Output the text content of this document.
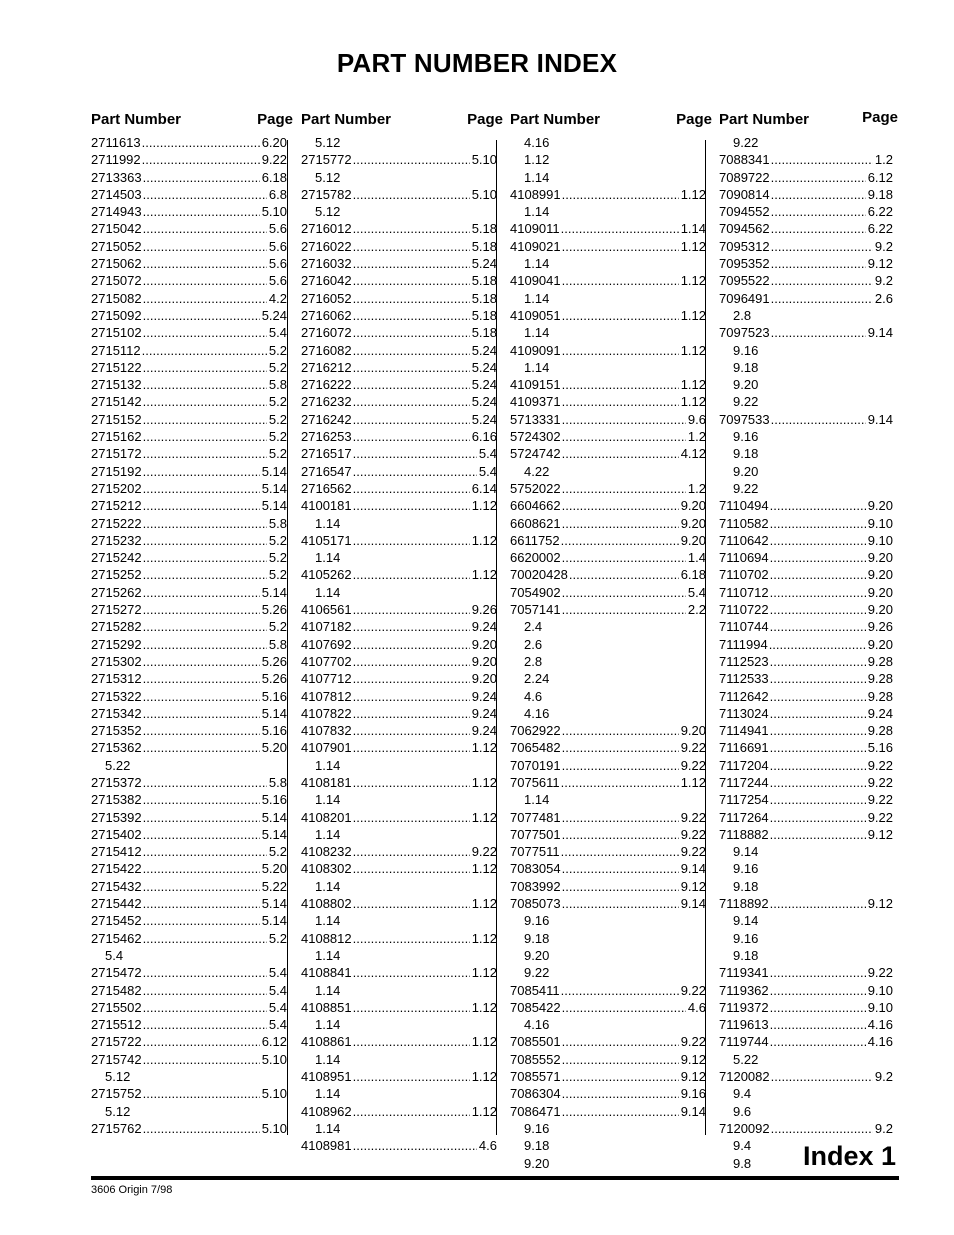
PART NUMBER INDEX
Part Number	Page
2711613 .....	6.20
2711992 .....	9.22
2713363 .....	6.18
2714503 .....	6.8
2714943 .....	5.10
2715042 .....	5.6
2715052 .....	5.6
2715062 .....	5.6
2715072 .....	5.6
2715082 .....	4.2
2715092 .....	5.24
2715102 .....	5.4
2715112 .....	5.2
2715122 .....	5.2
2715132 .....	5.8
2715142 .....	5.2
2715152 .....	5.2
2715162 .....	5.2
2715172 .....	5.2
2715192 .....	5.14
2715202 .....	5.14
2715212 .....	5.14
2715222 .....	5.8
2715232 .....	5.2
2715242 .....	5.2
2715252 .....	5.2
2715262 .....	5.14
2715272 .....	5.26
2715282 .....	5.2
2715292 .....	5.8
2715302 .....	5.26
2715312 .....	5.26
2715322 .....	5.16
2715342 .....	5.14
2715352 .....	5.16
2715362 .....	5.20
5.22
2715372 .....	5.8
2715382 .....	5.16
2715392 .....	5.14
2715402 .....	5.14
2715412 .....	5.2
2715422 .....	5.20
2715432 .....	5.22
2715442 .....	5.14
2715452 .....	5.14
2715462 .....	5.2
5.4
2715472 .....	5.4
2715482 .....	5.4
2715502 .....	5.4
2715512 .....	5.4
2715722 .....	6.12
2715742 .....	5.10
5.12
2715752 .....	5.10
5.12
2715762 .....	5.10
Part Number	Page
5.12
2715772 .....	5.10
5.12
2715782 .....	5.10
5.12
2716012 .....	5.18
2716022 .....	5.18
2716032 .....	5.24
2716042 .....	5.18
2716052 .....	5.18
2716062 .....	5.18
2716072 .....	5.18
2716082 .....	5.24
2716212 .....	5.24
2716222 .....	5.24
2716232 .....	5.24
2716242 .....	5.24
2716253 .....	6.16
2716517 .....	5.4
2716547 .....	5.4
2716562 .....	6.14
4100181 .....	1.12
1.14
4105171 .....	1.12
1.14
4105262 .....	1.12
1.14
4106561 .....	9.26
4107182 .....	9.24
4107692 .....	9.20
4107702 .....	9.20
4107712 .....	9.20
4107812 .....	9.24
4107822 .....	9.24
4107832 .....	9.24
4107901 .....	1.12
1.14
4108181 .....	1.12
1.14
4108201 .....	1.12
1.14
4108232 .....	9.22
4108302 .....	1.12
1.14
4108802 .....	1.12
1.14
4108812 .....	1.12
1.14
4108841 .....	1.12
1.14
4108851 .....	1.12
1.14
4108861 .....	1.12
1.14
4108951 .....	1.12
1.14
4108962 .....	1.12
1.14
4108981 .....	4.6
Part Number	Page
4.16
1.12
1.14
4108991 .....	1.12
1.14
4109011 .....	1.14
4109021 .....	1.12
1.14
4109041 .....	1.12
1.14
4109051 .....	1.12
1.14
4109091 .....	1.12
1.14
4109151 .....	1.12
4109371 .....	1.12
5713331 .....	9.6
5724302 .....	1.2
5724742 .....	4.12
4.22
5752022 .....	1.2
6604662 .....	9.20
6608621 .....	9.20
6611752 .....	9.20
6620002 .....	1.4
70020428 .....	6.18
7054902 .....	5.4
7057141 .....	2.2
2.4
2.6
2.8
2.24
4.6
4.16
7062922 .....	9.20
7065482 .....	9.22
7070191 .....	9.22
7075611 .....	1.12
1.14
7077481 .....	9.22
7077501 .....	9.22
7077511 .....	9.22
7083054 .....	9.14
7083992 .....	9.12
7085073 .....	9.14
9.16
9.18
9.20
9.22
7085411 .....	9.22
7085422 .....	4.6
4.16
7085501 .....	9.22
7085552 .....	9.12
7085571 .....	9.12
7086304 .....	9.16
7086471 .....	9.14
9.16
9.18
9.20
Part Number	Page
9.22
7088341 .....	1.2
7089722 .....	6.12
7090814 .....	9.18
7094552 .....	6.22
7094562 .....	6.22
7095312 .....	9.2
7095352 .....	9.12
7095522 .....	9.2
7096491 .....	2.6
2.8
7097523 .....	9.14
9.16
9.18
9.20
9.22
7097533 .....	9.14
9.16
9.18
9.20
9.22
7110494 .....	9.20
7110582 .....	9.10
7110642 .....	9.10
7110694 .....	9.20
7110702 .....	9.20
7110712 .....	9.20
7110722 .....	9.20
7110744 .....	9.26
7111994 .....	9.20
7112523 .....	9.28
7112533 .....	9.28
7112642 .....	9.28
7113024 .....	9.24
7114941 .....	9.28
7116691 .....	5.16
7117204 .....	9.22
7117244 .....	9.22
7117254 .....	9.22
7117264 .....	9.22
7118882 .....	9.12
9.14
9.16
9.18
7118892 .....	9.12
9.14
9.16
9.18
7119341 .....	9.22
7119362 .....	9.10
7119372 .....	9.10
7119613 .....	4.16
7119744 .....	4.16
5.22
7120082 .....	9.2
9.4
9.6
7120092 .....	9.2
9.4
9.8	Index 1
3606 Origin 7/98
